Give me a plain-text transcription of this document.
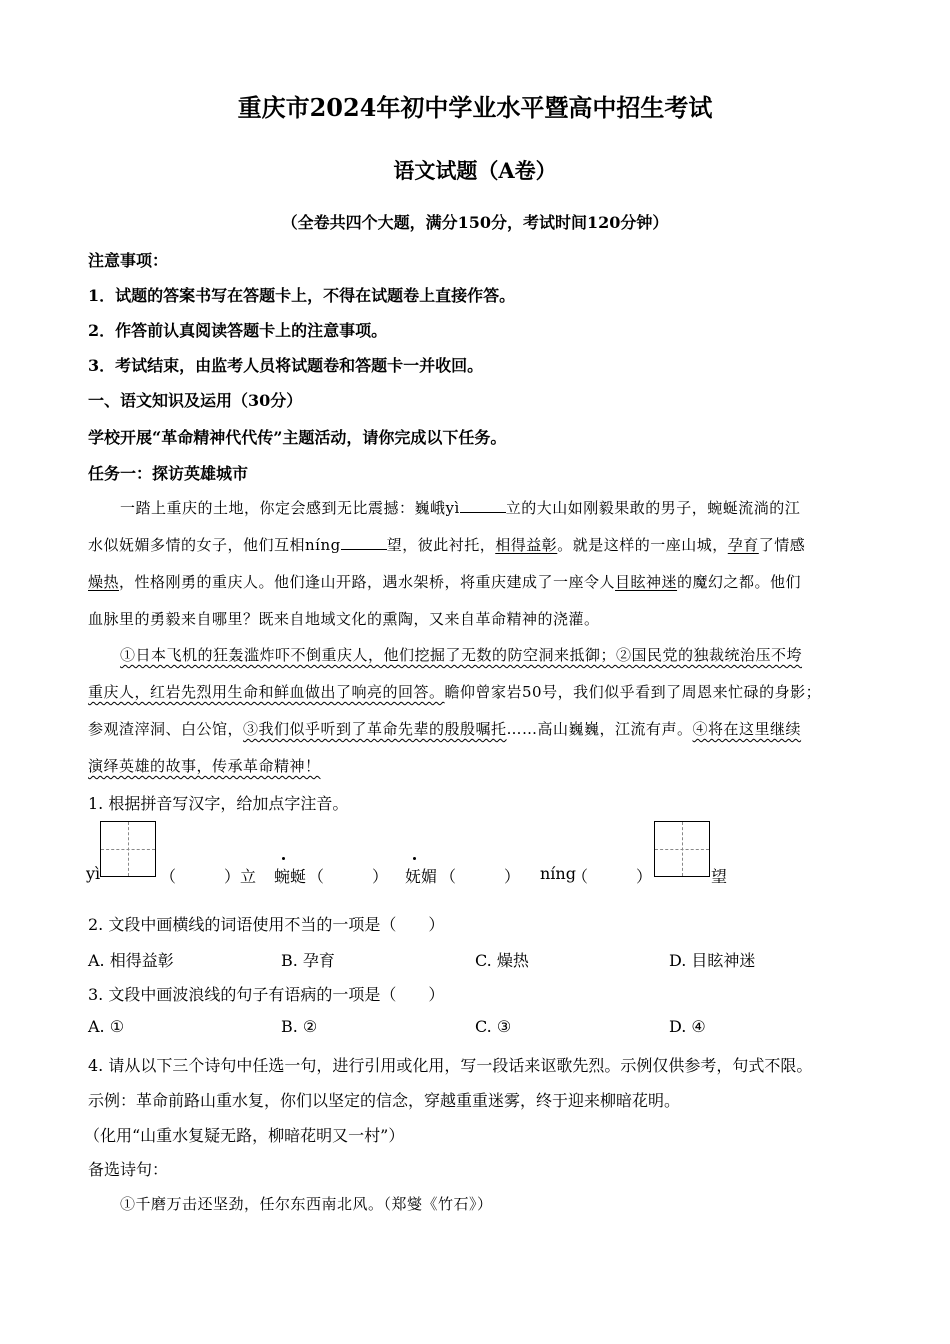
重庆市2024年初中学业水平暨高中招生考试
语文试题（A卷）
（全卷共四个大题，满分150分，考试时间120分钟）
注意事项：
1．试题的答案书写在答题卡上，不得在试题卷上直接作答。
2．作答前认真阅读答题卡上的注意事项。
3．考试结束，由监考人员将试题卷和答题卡一并收回。
一、语文知识及运用（30分）
学校开展“革命精神代代传”主题活动，请你完成以下任务。
任务一：探访英雄城市
一踏上重庆的土地，你定会感到无比震撼：巍峨yì	立的大山如刚毅果敢的男子，蜿蜒流淌的江
水似妩媚多情的女子，他们互相níng	望，彼此衬托，相得益彰。就是这样的一座山城，孕育了情感
燥热，性格刚勇的重庆人。他们逢山开路，遇水架桥，将重庆建成了一座令人目眩神迷的魔幻之都。他们
血脉里的勇毅来自哪里？既来自地域文化的熏陶，又来自革命精神的浇灌。
①日本飞机的狂轰滥炸吓不倒重庆人，他们挖掘了无数的防空洞来抵御；②国民党的独裁统治压不垮
重庆人，红岩先烈用生命和鲜血做出了响亮的回答。瞻仰曾家岩50号，我们似乎看到了周恩来忙碌的身影；
参观渣滓洞、白公馆，③我们似乎听到了革命先辈的殷殷嘱托……高山巍巍，江流有声。④将在这里继续
演绎英雄的故事，传承革命精神！
1. 根据拼音写汉字，给加点字注音。
yì	（　　　）立 蜿蜒 （　　　） 妩媚 （　　　） níng
（　　　）	望
2. 文段中画横线的词语使用不当的一项是（　　）
A. 相得益彰	B. 孕育	C. 燥热	D. 目眩神迷
3. 文段中画波浪线的句子有语病的一项是（　　）
A. ①	B. ②	C. ③	D. ④
4. 请从以下三个诗句中任选一句，进行引用或化用，写一段话来讴歌先烈。示例仅供参考，句式不限。
示例：革命前路山重水复，你们以坚定的信念，穿越重重迷雾，终于迎来柳暗花明。
（化用“山重水复疑无路，柳暗花明又一村”）
备选诗句：
①千磨万击还坚劲，任尔东西南北风。（郑燮《竹石》）
